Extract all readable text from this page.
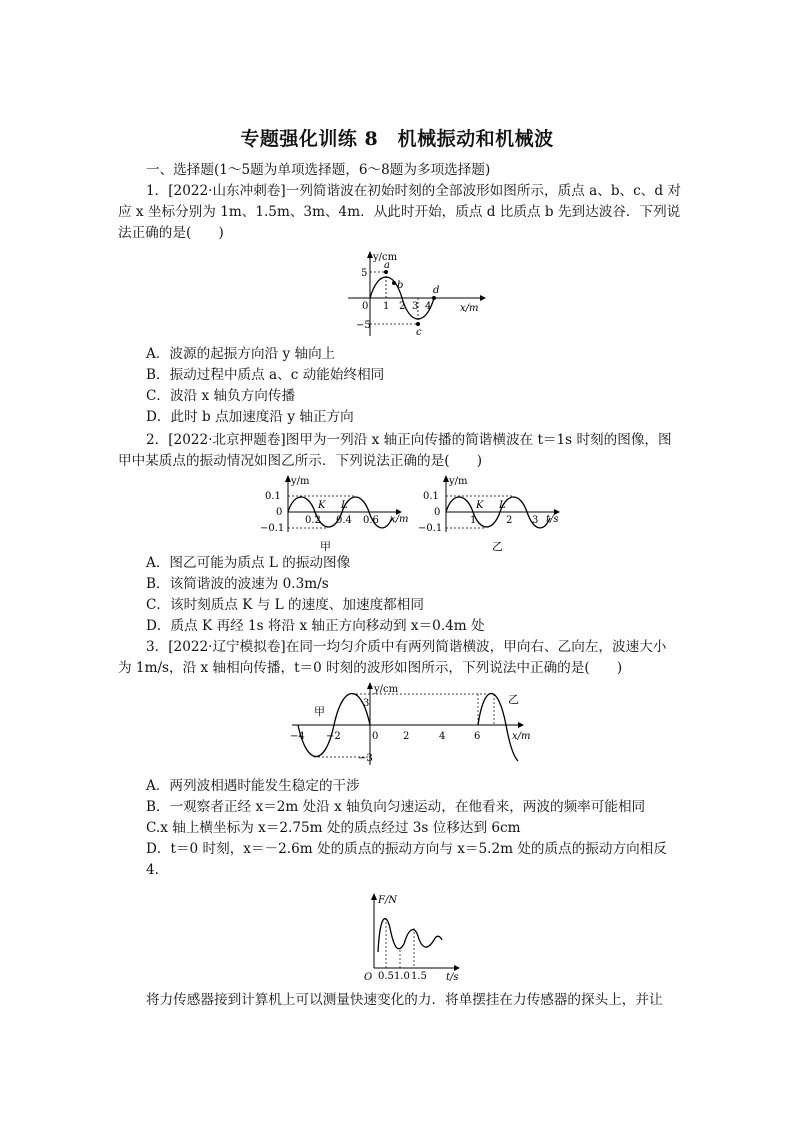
专题强化训练 8　机械振动和机械波
一、选择题(1～5题为单项选择题，6～8题为多项选择题)
1．[2022·山东冲刺卷]一列简谐波在初始时刻的全部波形如图所示，质点 a、b、c、d 对
应 x 坐标分别为 1m、1.5m、3m、4m．从此时开始，质点 d 比质点 b 先到达波谷．下列说
法正确的是(　　)
y/cm
x/m
5
−5
0 1 2 3 4
a
b
c
d
A．波源的起振方向沿 y 轴向上
B．振动过程中质点 a、c 动能始终相同
C．波沿 x 轴负方向传播
D．此时 b 点加速度沿 y 轴正方向
2．[2022·北京押题卷]图甲为一列沿 x 轴正向传播的简谐横波在 t＝1s 时刻的图像，图
甲中某质点的振动情况如图乙所示．下列说法正确的是(　　)
y/m
x/m
0.1
0
−0.1
0.2 0.4 0.6
K L
甲
y/m
t/s
0.1
0
−0.1
1	2 3
K L
乙
A．图乙可能为质点 L 的振动图像
B．该简谐波的波速为 0.3m/s
C．该时刻质点 K 与 L 的速度、加速度都相同
D．质点 K 再经 1s 将沿 x 轴正方向移动到 x＝0.4m 处
3．[2022·辽宁模拟卷]在同一均匀介质中有两列简谐横波，甲向右、乙向左，波速大小
为 1m/s，沿 x 轴相向传播，t＝0 时刻的波形如图所示，下列说法中正确的是(　　)
y/cm
x/m
3
−3
0
−4 −2	2	4	6
甲
乙
A．两列波相遇时能发生稳定的干涉
B．一观察者正经 x＝2m 处沿 x 轴负向匀速运动，在他看来，两波的频率可能相同
C.x 轴上横坐标为 x＝2.75m 处的质点经过 3s 位移达到 6cm
D．t＝0 时刻，x＝－2.6m 处的质点的振动方向与 x＝5.2m 处的质点的振动方向相反
4.
F/N
t/s
O 0.5 1.0 1.5
将力传感器接到计算机上可以测量快速变化的力．将单摆挂在力传感器的探头上，并让
